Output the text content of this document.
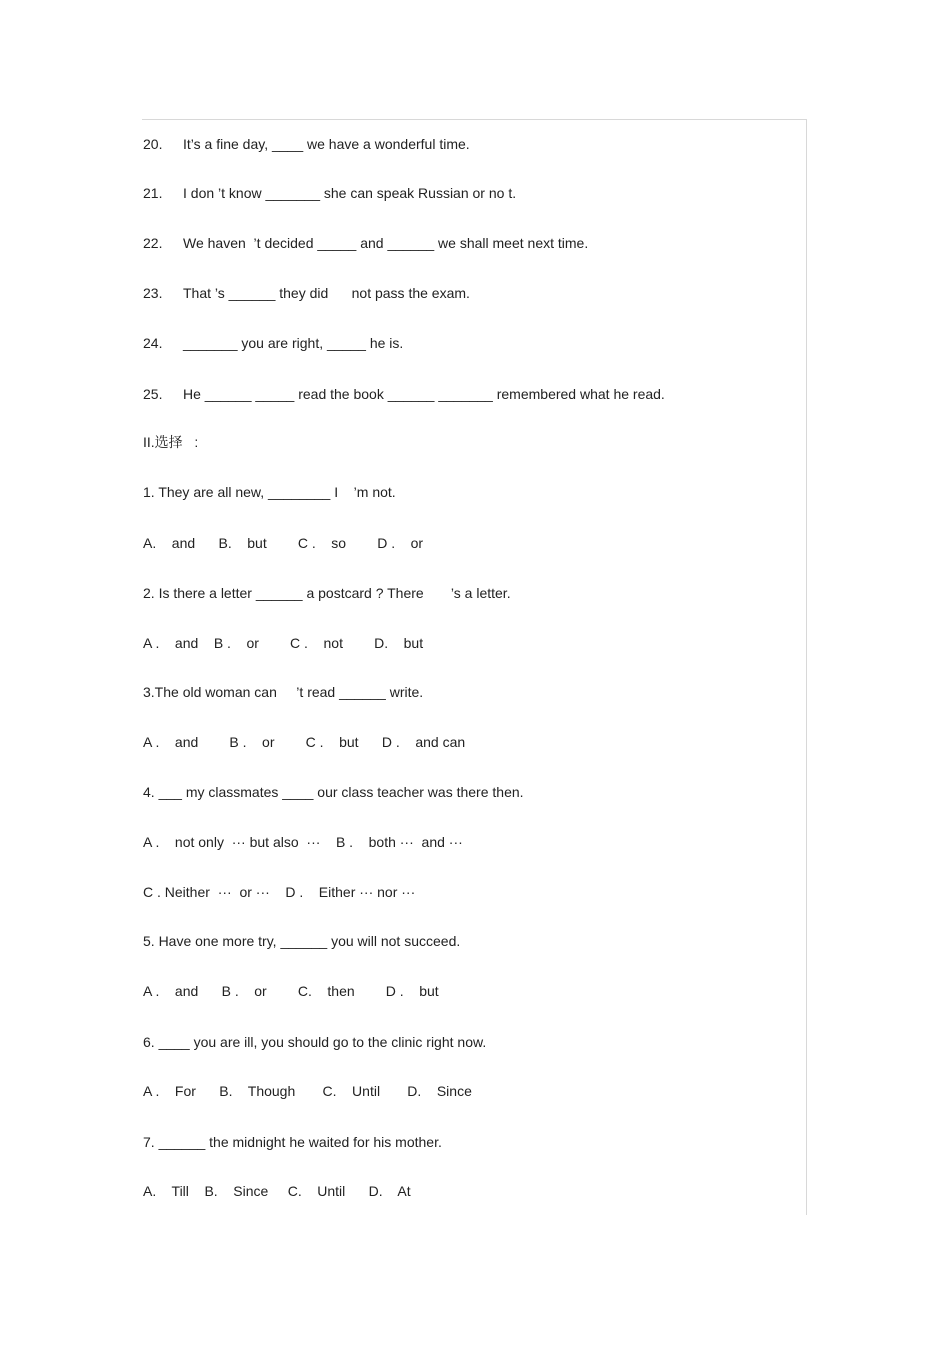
20. It’s a fine day, ____ we have a wonderful time.
21. I don ’t know _______ she can speak Russian or no t.
22. We haven  ’t decided _____ and ______ we shall meet next time.
23. That ’s ______ they did      not pass the exam.
24. _______ you are right, _____ he is.
25. He ______ _____ read the book ______ _______ remembered what he read.
II.选择   :
1. They are all new, ________ I    ’m not.
A.    and      B.    but        C .    so        D .    or
2. Is there a letter ______ a postcard ? There       ’s a letter.
A .    and    B .    or        C .    not        D.    but
3.The old woman can     ’t read ______ write.
A .    and        B .    or        C .    but      D .    and can
4. ___ my classmates ____ our class teacher was there then.
A .    not only  ··· but also  ···    B .    both ···  and ···
C . Neither  ···  or ···    D .    Either ··· nor ···
5. Have one more try, ______ you will not succeed.
A .    and      B .    or        C.    then        D .    but
6. ____ you are ill, you should go to the clinic right now.
A .    For      B.    Though       C.    Until       D.    Since
7. ______ the midnight he waited for his mother.
A.    Till    B.    Since     C.    Until      D.    At
